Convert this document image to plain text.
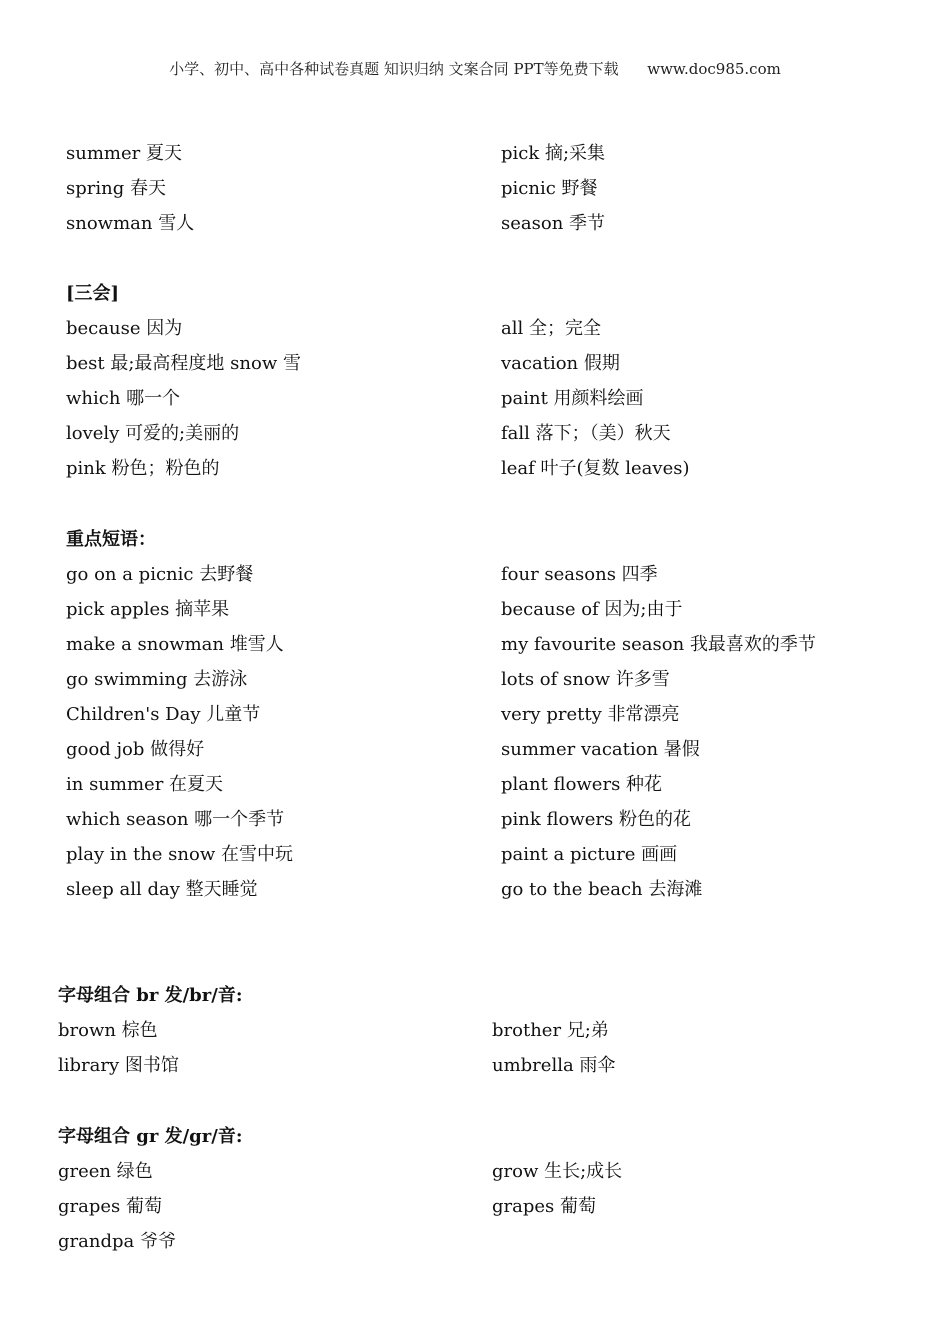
小学、初中、高中各种试卷真题 知识归纳 文案合同 PPT等免费下载      www.doc985.com
summer 夏天
spring 春天
snowman 雪人
pick 摘;采集
picnic 野餐
season 季节
[三会]
because 因为
best 最;最高程度地 snow 雪
which 哪一个
lovely 可爱的;美丽的
pink 粉色；粉色的
all 全；完全
vacation 假期
paint 用颜料绘画
fall 落下；（美）秋天
leaf 叶子(复数 leaves)
重点短语：
go on a picnic 去野餐
pick apples 摘苹果
make a snowman 堆雪人
go swimming 去游泳
Children's Day 儿童节
good job 做得好
in summer 在夏天
which season 哪一个季节
play in the snow 在雪中玩
sleep all day 整天睡觉
four seasons 四季
because of 因为;由于
my favourite season 我最喜欢的季节
lots of snow 许多雪
very pretty 非常漂亮
summer vacation 暑假
plant flowers 种花
pink flowers 粉色的花
paint a picture 画画
go to the beach 去海滩
字母组合 br 发/br/音:
brown 棕色
library 图书馆
brother 兄;弟
umbrella 雨伞
字母组合 gr 发/gr/音:
green 绿色
grapes 葡萄
grandpa 爷爷
grow 生长;成长
grapes 葡萄
